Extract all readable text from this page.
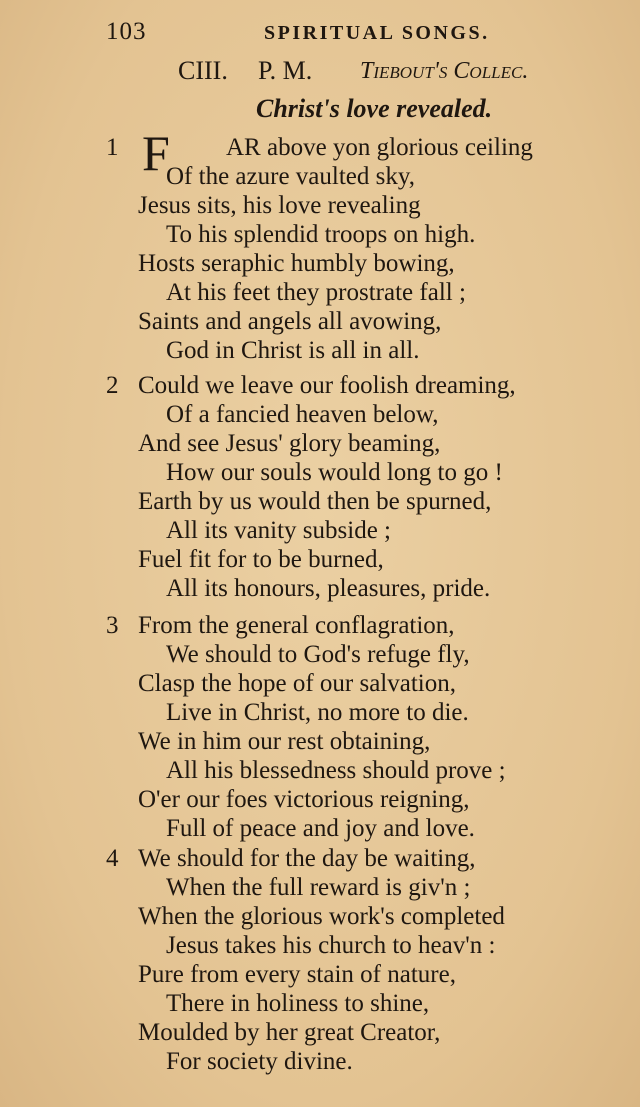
103	SPIRITUAL SONGS.
CIII. P. M. Tiebout's Collec.
Christ's love revealed.
1 F AR above yon glorious ceiling
Of the azure vaulted sky,
Jesus sits, his love revealing
To his splendid troops on high.
Hosts seraphic humbly bowing,
At his feet they prostrate fall ;
Saints and angels all avowing,
God in Christ is all in all.
2 Could we leave our foolish dreaming,
Of a fancied heaven below,
And see Jesus' glory beaming,
How our souls would long to go !
Earth by us would then be spurned,
All its vanity subside ;
Fuel fit for to be burned,
All its honours, pleasures, pride.
3 From the general conflagration,
We should to God's refuge fly,
Clasp the hope of our salvation,
Live in Christ, no more to die.
We in him our rest obtaining,
All his blessedness should prove ;
O'er our foes victorious reigning,
Full of peace and joy and love.
4 We should for the day be waiting,
When the full reward is giv'n ;
When the glorious work's completed
Jesus takes his church to heav'n :
Pure from every stain of nature,
There in holiness to shine,
Moulded by her great Creator,
For society divine.
